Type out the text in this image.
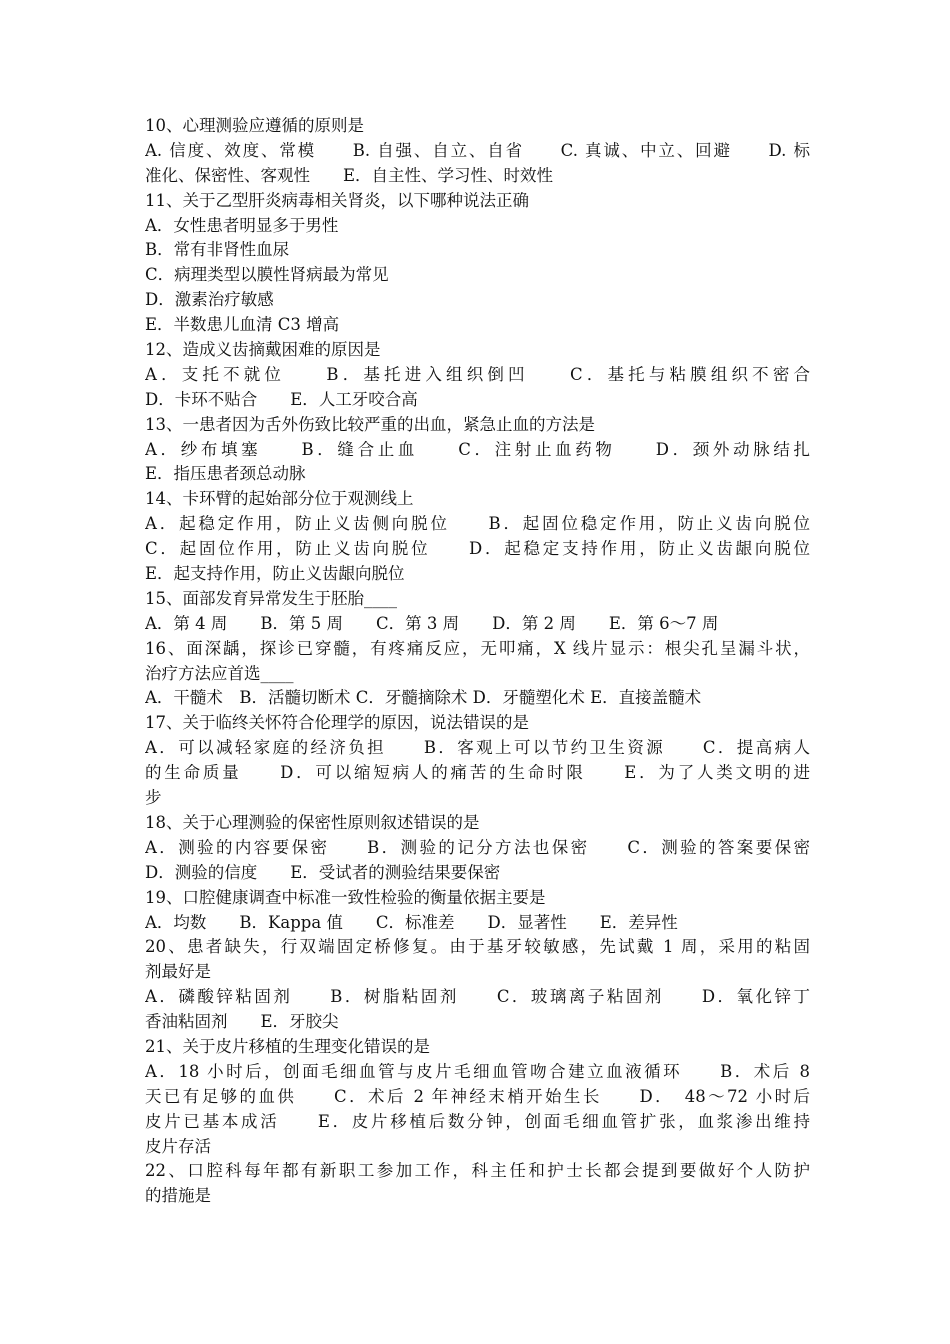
10、心理测验应遵循的原则是
A. 信度、效度、常模　　B. 自强、自立、自省　　C. 真诚、中立、回避　　D. 标
准化、保密性、客观性　　E．自主性、学习性、时效性
11、关于乙型肝炎病毒相关肾炎，以下哪种说法正确
A．女性患者明显多于男性
B．常有非肾性血尿
C．病理类型以膜性肾病最为常见
D．激素治疗敏感
E．半数患儿血清 C3 增高
12、造成义齿摘戴困难的原因是
A．支托不就位　　B．基托进入组织倒凹　　C．基托与粘膜组织不密合
D．卡环不贴合　　E．人工牙咬合高
13、一患者因为舌外伤致比较严重的出血，紧急止血的方法是
A．纱布填塞　　B．缝合止血　　C．注射止血药物　　D．颈外动脉结扎
E．指压患者颈总动脉
14、卡环臂的起始部分位于观测线上
A．起稳定作用，防止义齿侧向脱位　　B．起固位稳定作用，防止义齿向脱位
C．起固位作用，防止义齿向脱位　　D．起稳定支持作用，防止义齿龈向脱位
E．起支持作用，防止义齿龈向脱位
15、面部发育异常发生于胚胎____
A．第 4 周　　B．第 5 周　　C．第 3 周　　D．第 2 周　　E．第 6～7 周
16、面深龋，探诊已穿髓，有疼痛反应，无叩痛，X 线片显示：根尖孔呈漏斗状，
治疗方法应首选____
A．干髓术　B．活髓切断术 C．牙髓摘除术 D．牙髓塑化术 E．直接盖髓术
17、关于临终关怀符合伦理学的原因，说法错误的是
A．可以减轻家庭的经济负担　　B．客观上可以节约卫生资源　　C．提高病人
的生命质量　　D．可以缩短病人的痛苦的生命时限　　E．为了人类文明的进
步
18、关于心理测验的保密性原则叙述错误的是
A．测验的内容要保密　　B．测验的记分方法也保密　　C．测验的答案要保密
D．测验的信度　　E．受试者的测验结果要保密
19、口腔健康调查中标准一致性检验的衡量依据主要是
A．均数　　B．Kappa 值　　C．标准差　　D．显著性　　E．差异性
20、患者缺失，行双端固定桥修复。由于基牙较敏感，先试戴 1 周，采用的粘固
剂最好是
A．磷酸锌粘固剂　　B．树脂粘固剂　　C．玻璃离子粘固剂　　D．氧化锌丁
香油粘固剂　　E．牙胶尖
21、关于皮片移植的生理变化错误的是
A．18 小时后，创面毛细血管与皮片毛细血管吻合建立血液循环　　B．术后 8
天已有足够的血供　　C．术后 2 年神经末梢开始生长　　D．　48～72 小时后
皮片已基本成活　　E．皮片移植后数分钟，创面毛细血管扩张，血浆渗出维持
皮片存活
22、口腔科每年都有新职工参加工作，科主任和护士长都会提到要做好个人防护
的措施是
